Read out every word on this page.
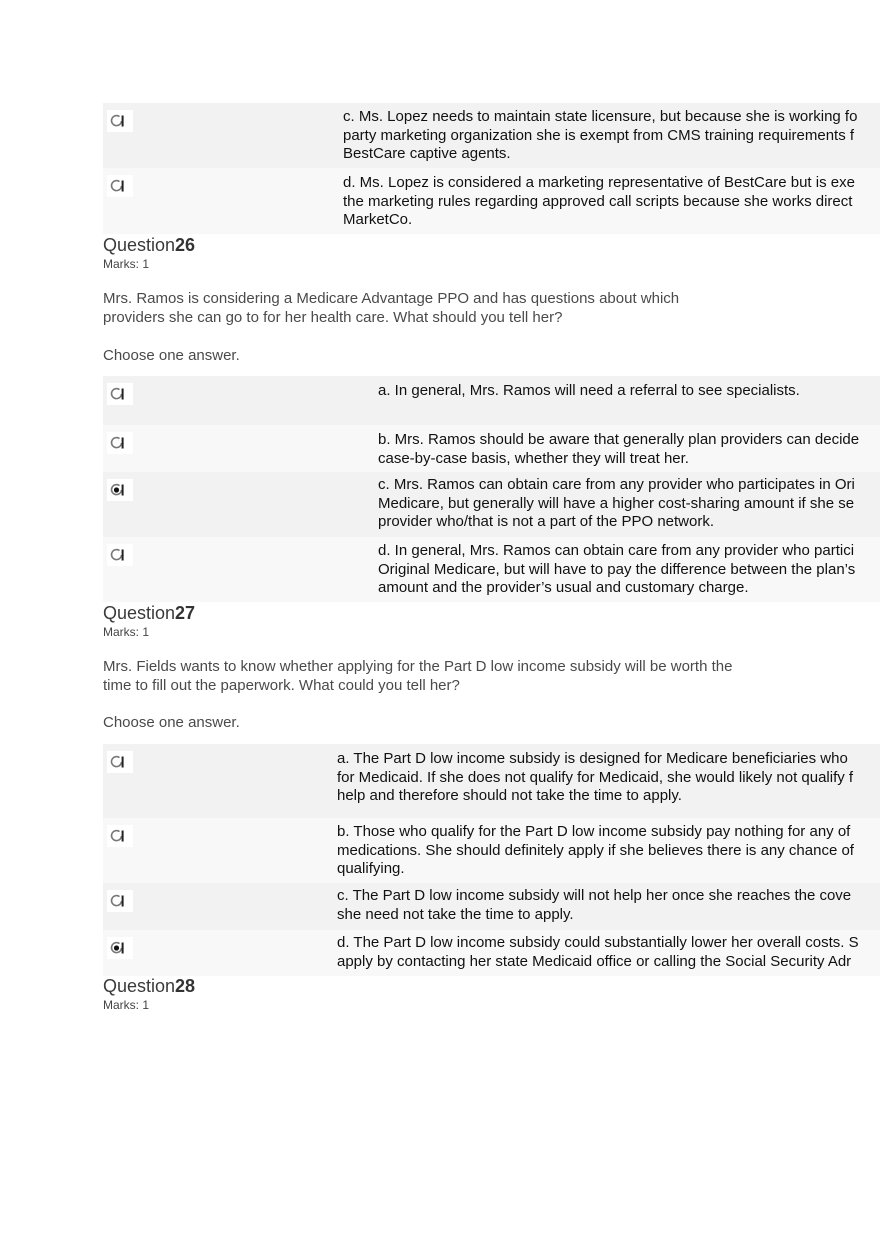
c. Ms. Lopez needs to maintain state licensure, but because she is working fo
party marketing organization she is exempt from CMS training requirements f
BestCare captive agents.
d. Ms. Lopez is considered a marketing representative of BestCare but is exe
the marketing rules regarding approved call scripts because she works direct
MarketCo.
Question26
Marks: 1
Mrs. Ramos is considering a Medicare Advantage PPO and has questions about which
providers she can go to for her health care. What should you tell her?
Choose one answer.
a. In general, Mrs. Ramos will need a referral to see specialists.
b. Mrs. Ramos should be aware that generally plan providers can decide
case-by-case basis, whether they will treat her.
c. Mrs. Ramos can obtain care from any provider who participates in Ori
Medicare, but generally will have a higher cost-sharing amount if she se
provider who/that is not a part of the PPO network.
d. In general, Mrs. Ramos can obtain care from any provider who partici
Original Medicare, but will have to pay the difference between the plan’s
amount and the provider’s usual and customary charge.
Question27
Marks: 1
Mrs. Fields wants to know whether applying for the Part D low income subsidy will be worth the
time to fill out the paperwork. What could you tell her?
Choose one answer.
a. The Part D low income subsidy is designed for Medicare beneficiaries who
for Medicaid. If she does not qualify for Medicaid, she would likely not qualify f
help and therefore should not take the time to apply.
b. Those who qualify for the Part D low income subsidy pay nothing for any of
medications. She should definitely apply if she believes there is any chance of
qualifying.
c. The Part D low income subsidy will not help her once she reaches the cove
she need not take the time to apply.
d. The Part D low income subsidy could substantially lower her overall costs. S
apply by contacting her state Medicaid office or calling the Social Security Adr
Question28
Marks: 1
